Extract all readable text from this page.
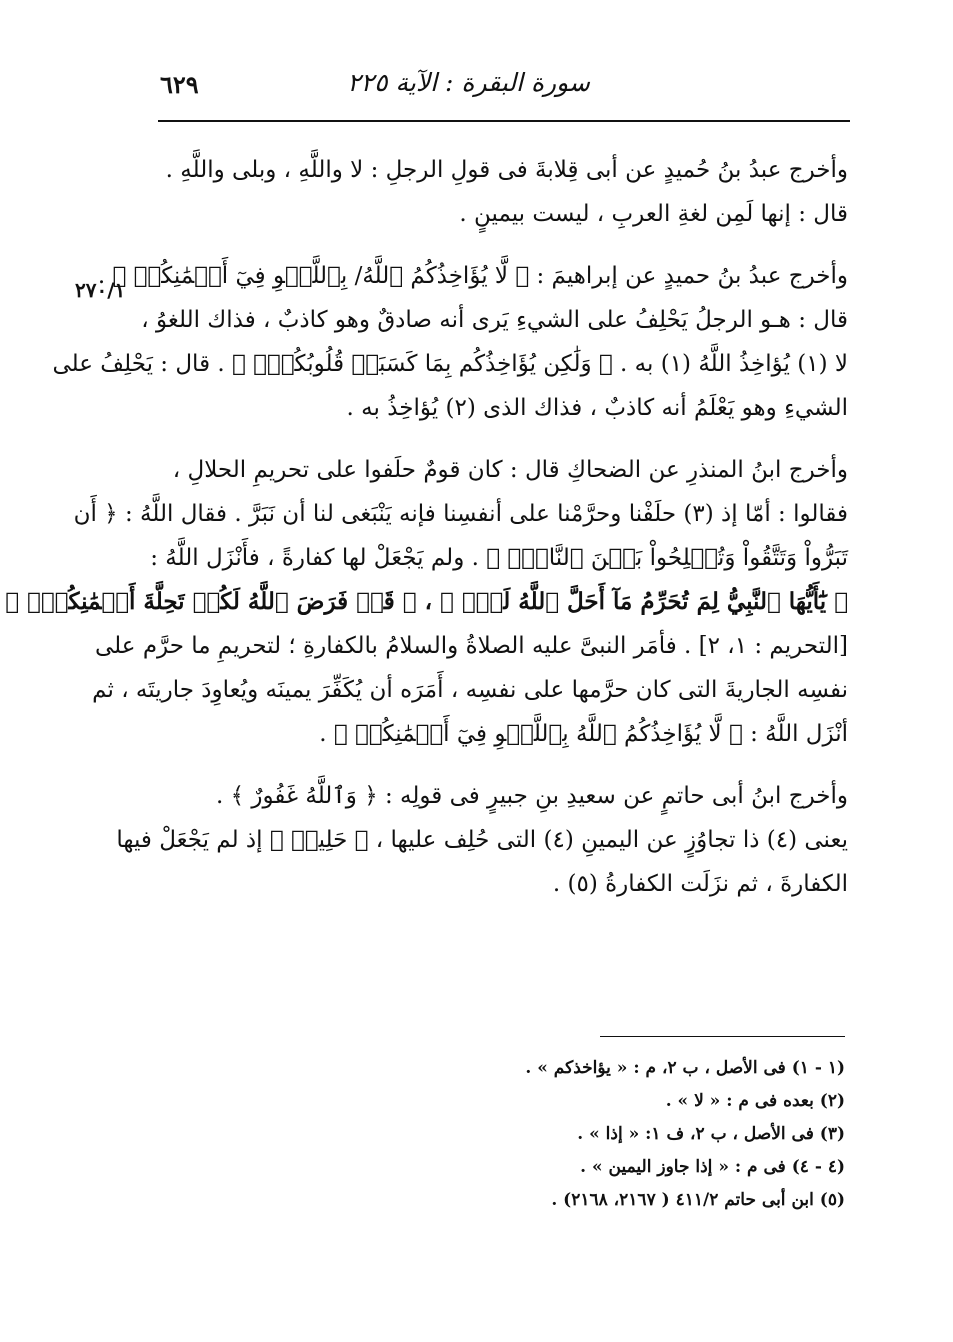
٦٢٩	سورة البقرة : الآية ٢٢٥
٢٧٠/١

وأخرج عبدُ بنُ حُميدٍ عن أبى قِلابةَ فى قولِ الرجلِ : لا واللَّهِ ، وبلى واللَّهِ .
قال : إنها لَمِن لغةِ العربِ ، ليست بيمينٍ .

وأخرج عبدُ بنُ حميدٍ عن إبراهيمَ : ﴿ لَّا يُؤَاخِذُكُمُ ٱللَّهُ/ بِٱللَّغۡوِ فِيٓ أَيۡمَٰنِكُمۡ ﴾ .
قال : هـو الرجلُ يَحْلِفُ على الشيءِ يَرى أنه صادقٌ وهو كاذبٌ ، فذاك اللغوُ ،
لا (١) يُؤاخِذُ اللَّهُ (١) به . ﴿ وَلَٰكِن يُؤَاخِذُكُم بِمَا كَسَبَتۡ قُلُوبُكُمۡۗ ﴾ . قال : يَحْلِفُ على
الشيءِ وهو يَعْلَمُ أنه كاذبٌ ، فذاك الذى (٢) يُؤاخِذُ به .

وأخرج ابنُ المنذرِ عن الضحاكِ قال : كان قومٌ حلَفوا على تحريمِ الحلالِ ،
فقالوا : أمّا إذ (٣) حلَفْنا وحرَّمْنا على أنفسِنا فإنه يَنْبَغى لنا أن نَبَرَّ . فقال اللَّهُ : ﴿ أَن
تَبَرُّواْ وَتَتَّقُواْ وَتُصۡلِحُواْ بَيۡنَ ٱلنَّاسِۚ ﴾ . ولم يَجْعَلْ لها كفارةً ، فأَنْزَل اللَّهُ :
﴿ يَٰٓأَيُّهَا ٱلنَّبِيُّ لِمَ تُحَرِّمُ مَآ أَحَلَّ ٱللَّهُ لَكَۖ ﴾ ، ﴿ قَدۡ فَرَضَ ٱللَّهُ لَكُمۡ تَحِلَّةَ أَيۡمَٰنِكُمۡۚ ﴾
[التحريم : ١، ٢] . فأمَر النبىَّ عليه الصلاةُ والسلامُ بالكفارةِ ؛ لتحريمِ ما حرَّم على
نفسِه الجاريةَ التى كان حرَّمها على نفسِه ، أَمَرَه أن يُكَفِّرَ يمينَه ويُعاوِدَ جاريتَه ، ثم
أنْزَل اللَّهُ : ﴿ لَّا يُؤَاخِذُكُمُ ٱللَّهُ بِٱللَّغۡوِ فِيٓ أَيۡمَٰنِكُمۡ ﴾ .

وأخرج ابنُ أبى حاتمٍ عن سعيدِ بنِ جبيرٍ فى قولِه : ﴿ وَٱللَّهُ غَفُورٌ ﴾ .
يعنى (٤) ذا تجاوُزٍ عن اليمينِ (٤) التى حُلِف عليها ، ﴿ حَلِيمٞ ﴾ إذ لم يَجْعَلْ فيها
الكفارةَ ، ثم نزَلَت الكفارةُ (٥) .

(١ - ١) فى الأصل ، ب ٢، م : « يؤاخذكم » .
(٢) بعده فى م : « لا » .
(٣) فى الأصل ، ب ٢، ف ١: « إذا » .
(٤ - ٤) فى م : « إذا جاوز اليمين » .
(٥) ابن أبى حاتم ٤١١/٢ ( ٢١٦٧، ٢١٦٨) .
